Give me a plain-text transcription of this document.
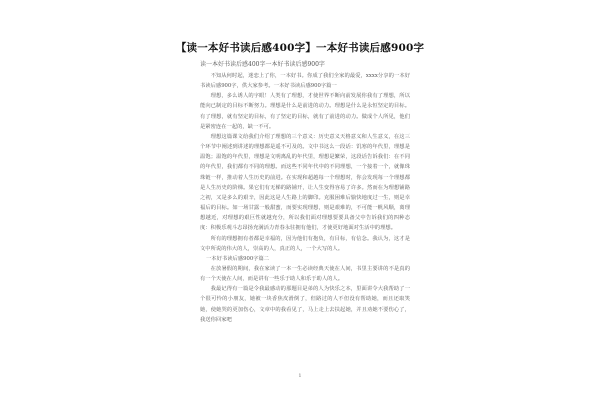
【读一本好书读后感400字】一本好书读后感900字
读一本好书读后感400字一本好书读后感900字

不知从何时起，迷恋上了你，一本好书。你成了我们全家的最爱，xxxx分享的一本好书读后感900字，供大家参考。一本好书读后感900字篇一

理想，多么诱人的字眼！人类有了理想，才使世界不断向前发展你我有了理想，所以能向已制定的目标不断努力。理想是什么是前进的动力。理想是什么是永恒坚定的目标。有了理想，就有坚定的目标，有了坚定的目标，就有了前进的动力。做成个人所见，他们是紧密连在一起的，缺一不可。

理想这篇课文给我们介绍了理想的三个意义：历史意义天格意义和人生意义，在这三个环节中阐述到讲述的理想都是遥不可及的。文中书这么一段话：饥寒的年代里，理想是温饱；温饱的年代里，理想是文明离乱的年代里，理想是繁荣，这段话告诉我们：在不同的年代里，我们都有不同的理想。而这些不同年代中的不同理想，一个接着一个，就像珠珠链一样，推动着人生历史的前进。在实现和超越每一个理想时，你会发现每一个理想都是人生历史的阶梯。果它们有无梯的路铺开，让人生变得容易了许多。然而在为理想铺路之初，又是多么的艰辛，因此这是人生路上的脚印。克服困难后愉快地度过一生，则是幸福后的目标。如一场甘露一般甜蜜，而要实现理想，则是艰难的，不可能一帆风顺，离理想越近，对理想的艰巨性就越充分，所以我们面对理想要要具备父中告诉我们的四种态度：积极乐观斗志昂扬充满活力青春永驻拥有他们，才使更好地面对生活中的理想。

所有的理想拥有者都是幸福的，因为他们有抱负，有目标，有信念。我认为，这才是文中所说的伟大的人，崇高的人，真正的人，一个大写的人。

一本好书读后感900字篇二

在放暑假的期间，我在家读了一本一生必读经典天使在人间，书里主要讲的不是真的有一个天使在人间，而是讲有一些乐于助人和乐于助人的人。

我最记得有一篇是令我最感动的那题目是弟的人为快乐之本，里面讲令大我帮助了一个很可怜的小朋友，她被一块香焦皮滑倒了，但路过的人不但没有帮助她，而且还取笑她，使她哭的更加伤心，文章中的我看见了，马上走上去扶起她，并且劝她不要伤心了，我送你回家吧

1
